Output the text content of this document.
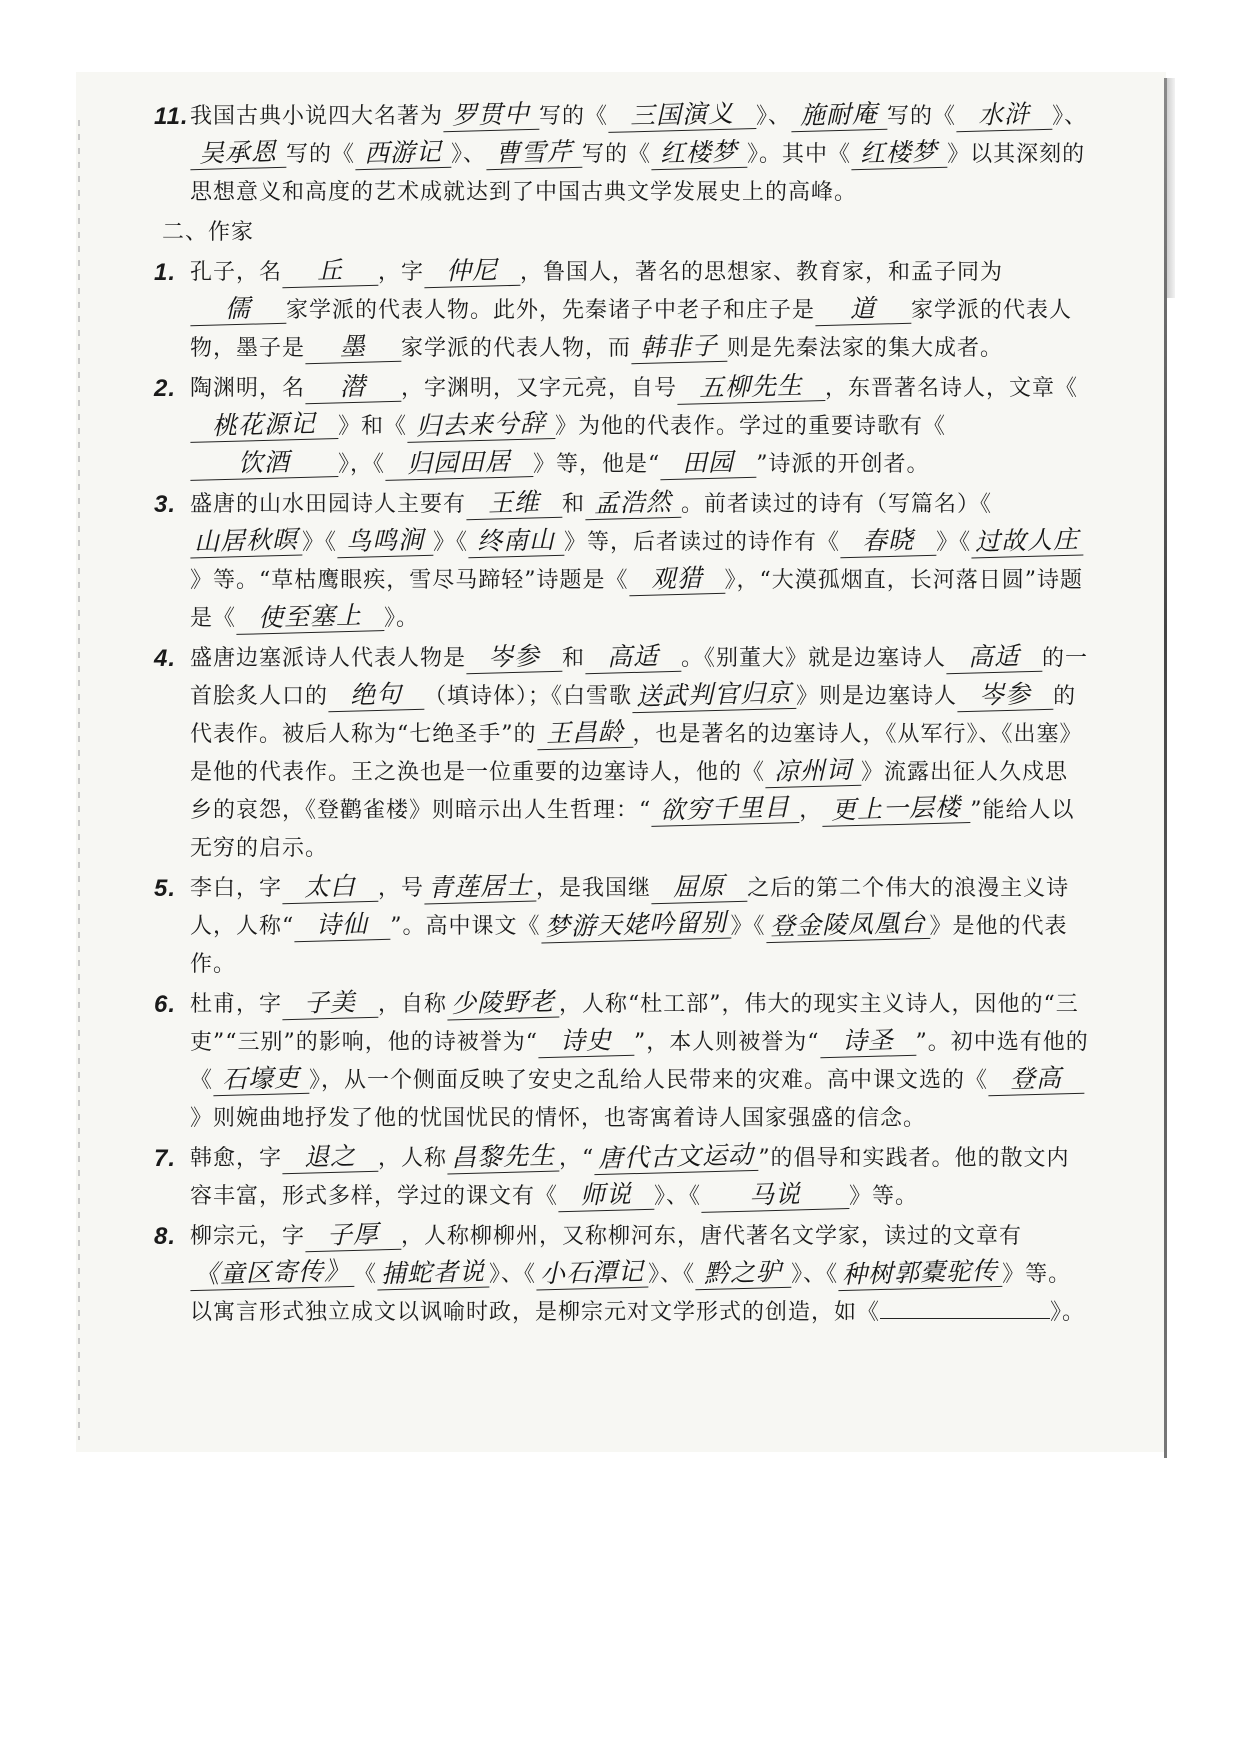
11. 我国古典小说四大名著为 罗贯中 写的《 三国演义 》、 施耐庵 写的《 水浒 》、吴承恩 写的《 西游记 》、 曹雪芹 写的《 红楼梦 》。其中《 红楼梦 》以其深刻的思想意义和高度的艺术成就达到了中国古典文学发展史上的高峰。
二、作家
1. 孔子，名 丘 ，字 仲尼 ，鲁国人，著名的思想家、教育家，和孟子同为儒 家学派的代表人物。此外，先秦诸子中老子和庄子是 道 家学派的代表人物，墨子是 墨 家学派的代表人物，而 韩非子 则是先秦法家的集大成者。
2. 陶渊明，名 潜 ，字渊明，又字元亮，自号 五柳先生 ，东晋著名诗人，文章《桃花源记 》和《 归去来兮辞 》为他的代表作。学过的重要诗歌有《饮酒 》，《 归园田居 》等，他是“ 田园 ”诗派的开创者。
3. 盛唐的山水田园诗人主要有 王维 和 孟浩然 。前者读过的诗有（写篇名）《山居秋暝 》《 鸟鸣涧 》《 终南山 》等，后者读过的诗作有《 春晓 》《 过故人庄》等。“草枯鹰眼疾，雪尽马蹄轻”诗题是《 观猎 》，“大漠孤烟直，长河落日圆”诗题是《 使至塞上 》。
4. 盛唐边塞派诗人代表人物是 岑参 和 高适 。《别董大》就是边塞诗人 高适 的一首脍炙人口的 绝句 （填诗体）；《白雪歌 送武判官归京 》则是边塞诗人 岑参 的代表作。被后人称为“七绝圣手”的 王昌龄 ，也是著名的边塞诗人，《从军行》、《出塞》是他的代表作。王之涣也是一位重要的边塞诗人，他的《 凉州词 》流露出征人久戍思乡的哀怨，《登鹳雀楼》则暗示出人生哲理：“ 欲穷千里目 ， 更上一层楼 ”能给人以无穷的启示。
5. 李白，字 太白 ，号 青莲居士 ，是我国继 屈原 之后的第二个伟大的浪漫主义诗人，人称“ 诗仙 ”。高中课文《 梦游天姥吟留别 》《 登金陵凤凰台 》是他的代表作。
6. 杜甫，字 子美 ，自称 少陵野老 ，人称“杜工部”，伟大的现实主义诗人，因他的“三吏”“三别”的影响，他的诗被誉为“ 诗史 ”，本人则被誉为“ 诗圣 ”。初中选有他的《 石壕吏 》，从一个侧面反映了安史之乱给人民带来的灾难。高中课文选的《 登高》则婉曲地抒发了他的忧国忧民的情怀，也寄寓着诗人国家强盛的信念。
7. 韩愈，字 退之 ，人称 昌黎先生 ，“ 唐代古文运动 ”的倡导和实践者。他的散文内容丰富，形式多样，学过的课文有《 师说 》、《 马说 》等。
8. 柳宗元，字 子厚 ，人称柳柳州，又称柳河东，唐代著名文学家，读过的文章有《童区寄传》 《 捕蛇者说 》、《 小石潭记 》、《 黔之驴 》、《 种树郭橐驼传 》等。以寓言形式独立成文以讽喻时政，是柳宗元对文学形式的创造，如《	》。
